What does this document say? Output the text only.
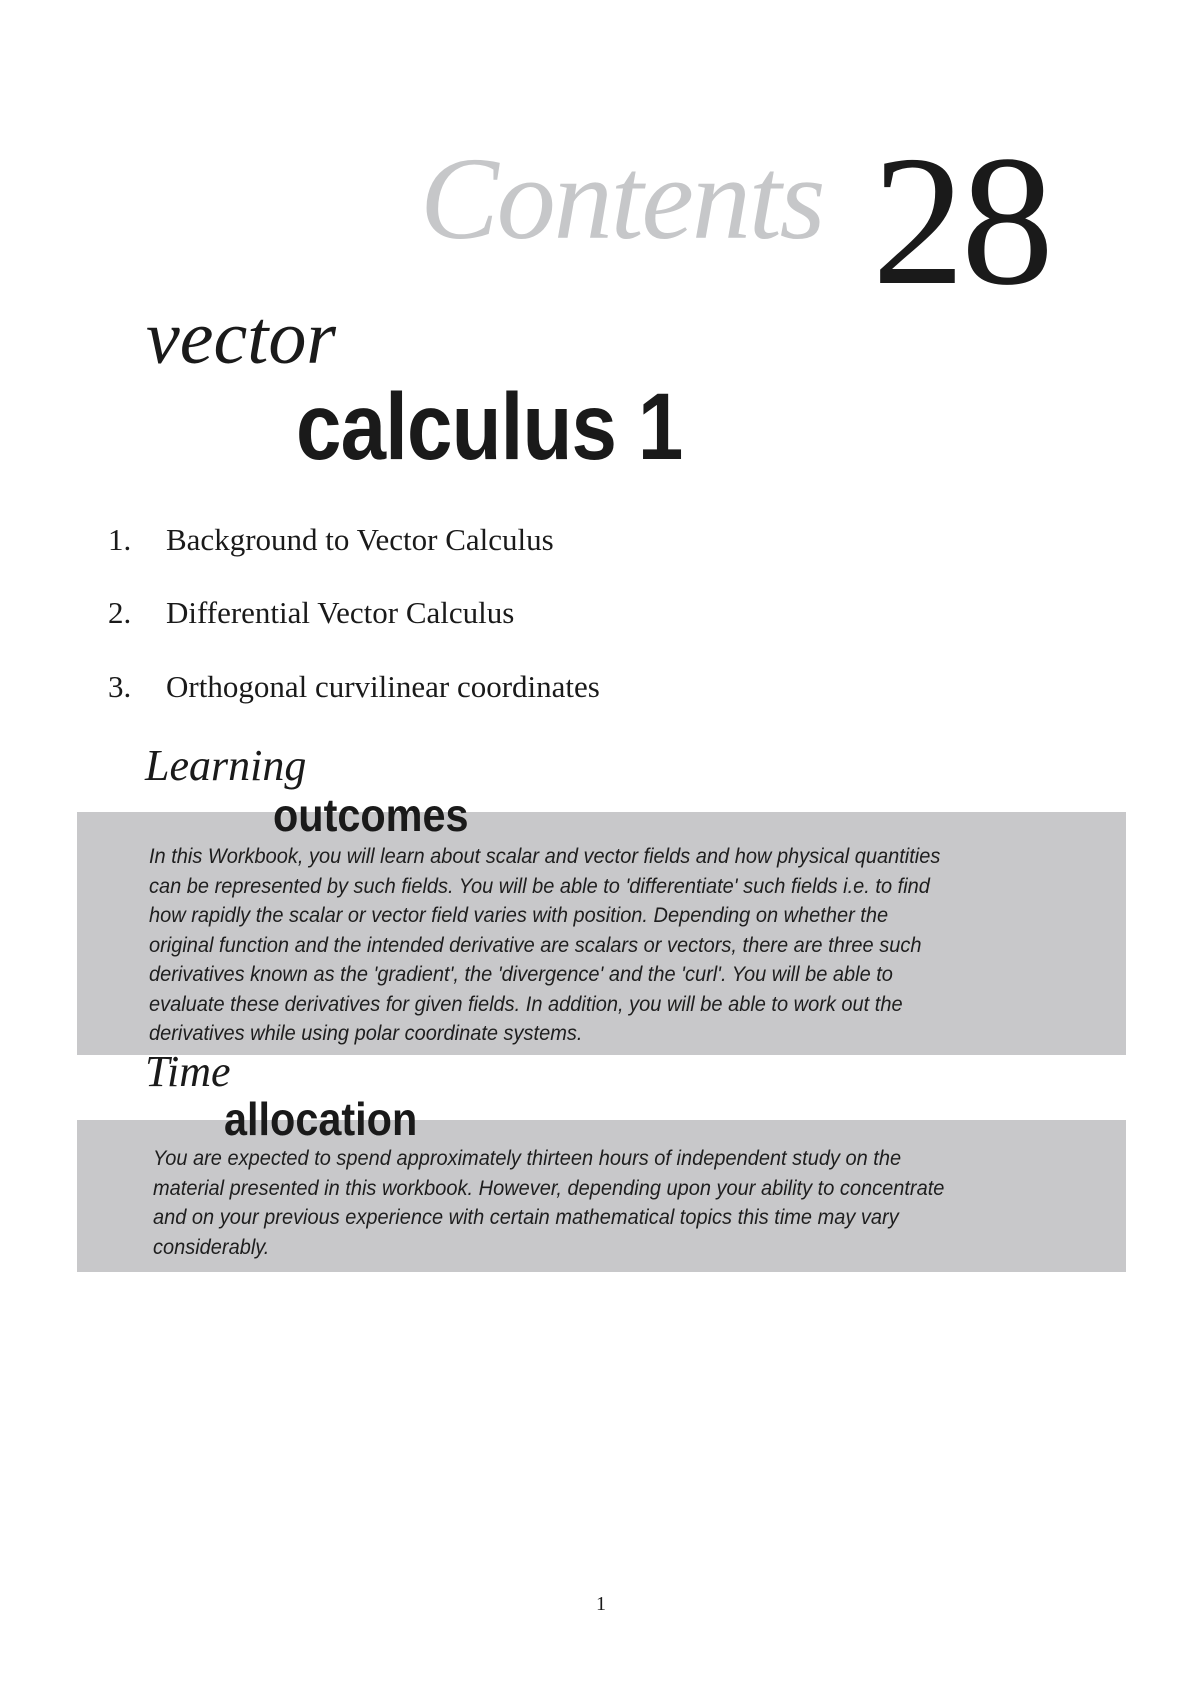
Contents 28
vector
calculus 1
1. Background to Vector Calculus
2. Differential Vector Calculus
3. Orthogonal curvilinear coordinates
Learning
outcomes
In this Workbook, you will learn about scalar and vector fields and how physical quantities
can be represented by such fields. You will be able to 'differentiate' such fields i.e. to find
how rapidly the scalar or vector field varies with position. Depending on whether the
original function and the intended derivative are scalars or vectors, there are three such
derivatives known as the 'gradient', the 'divergence' and the 'curl'. You will be able to
evaluate these derivatives for given fields. In addition, you will be able to work out the
derivatives while using polar coordinate systems.
Time
allocation
You are expected to spend approximately thirteen hours of independent study on the
material presented in this workbook. However, depending upon your ability to concentrate
and on your previous experience with certain mathematical topics this time may vary
considerably.
1
